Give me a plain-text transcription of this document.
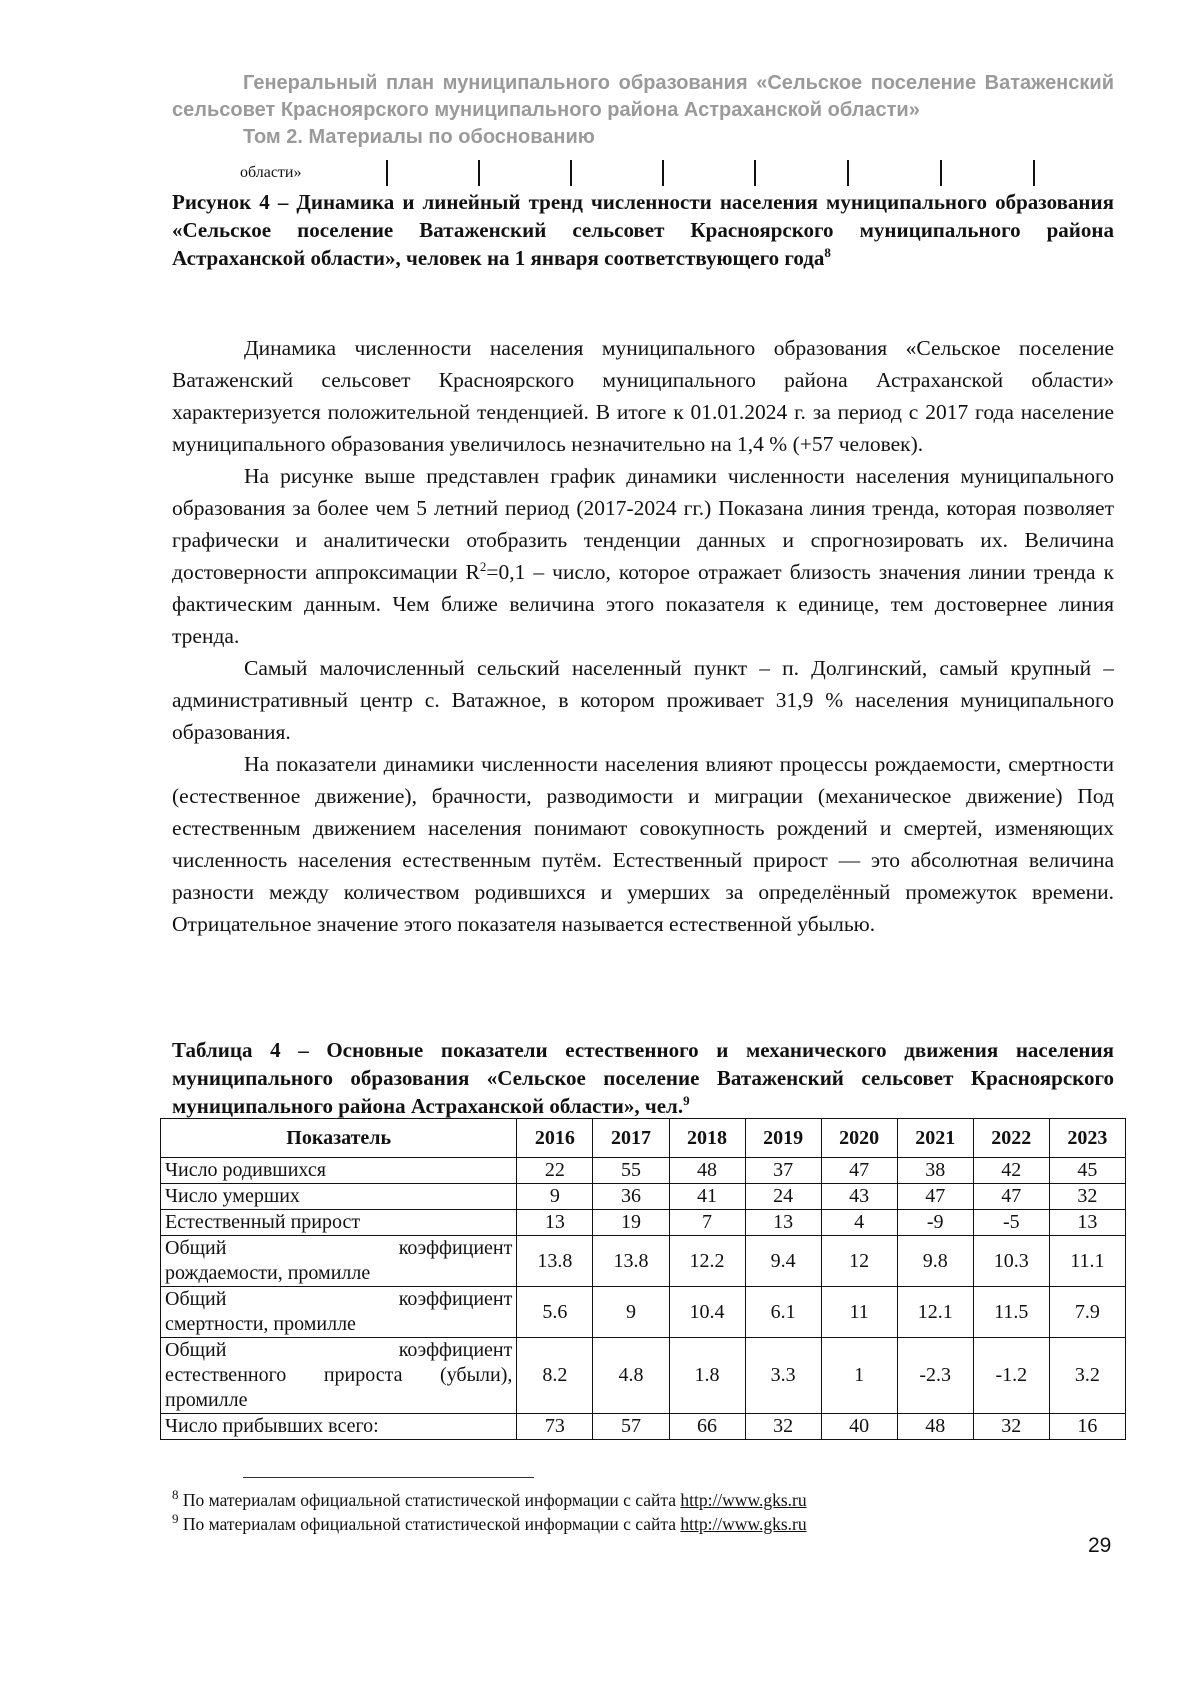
Генеральный план муниципального образования «Сельское поселение Ватаженский сельсовет Красноярского муниципального района Астраханской области»
Том 2. Материалы по обоснованию
области»
Рисунок 4 – Динамика и линейный тренд численности населения муниципального образования «Сельское поселение Ватаженский сельсовет Красноярского муниципального района Астраханской области», человек на 1 января соответствующего года$^8$

Динамика численности населения муниципального образования «Сельское поселение Ватаженский сельсовет Красноярского муниципального района Астраханской области» характеризуется положительной тенденцией. В итоге к 01.01.2024 г. за период с 2017 года население муниципального образования увеличилось незначительно на 1,4 % (+57 человек).

На рисунке выше представлен график динамики численности населения муниципального образования за более чем 5 летний период (2017-2024 гг.) Показана линия тренда, которая позволяет графически и аналитически отобразить тенденции данных и спрогнозировать их. Величина достоверности аппроксимации $R^2=0,1$ – число, которое отражает близость значения линии тренда к фактическим данным. Чем ближе величина этого показателя к единице, тем достовернее линия тренда.

Самый малочисленный сельский населенный пункт – п. Долгинский, самый крупный – административный центр с. Ватажное, в котором проживает 31,9 % населения муниципального образования.

На показатели динамики численности населения влияют процессы рождаемости, смертности (естественное движение), брачности, разводимости и миграции (механическое движение) Под естественным движением населения понимают совокупность рождений и смертей, изменяющих численность населения естественным путём. Естественный прирост — это абсолютная величина разности между количеством родившихся и умерших за определённый промежуток времени. Отрицательное значение этого показателя называется естественной убылью.

Таблица 4 – Основные показатели естественного и механического движения населения муниципального образования «Сельское поселение Ватаженский сельсовет Красноярского муниципального района Астраханской области», чел.$^9$
Показатель	2016	2017	2018	2019	2020	2021	2022	2023
Число родившихся	22	55	48	37	47	38	42	45
Число умерших	9	36	41	24	43	47	47	32
Естественный прирост	13	19	7	13	4	-9	-5	13

Общий коэффициент
рождаемости, промилле	13.8	13.8	12.2	9.4	12	9.8	10.3	11.1

Общий коэффициент
смертности, промилле	5.6	9	10.4	6.1	11	12.1	11.5	7.9

Общий коэффициент
естественного прироста (убыли),
промилле	8.2	4.8	1.8	3.3	1	-2.3	-1.2	3.2
Число прибывших всего:	73	57	66	32	40	48	32	16
$^8$ По материалам официальной статистической информации с сайта http://www.gks.ru
$^9$ По материалам официальной статистической информации с сайта http://www.gks.ru
29
